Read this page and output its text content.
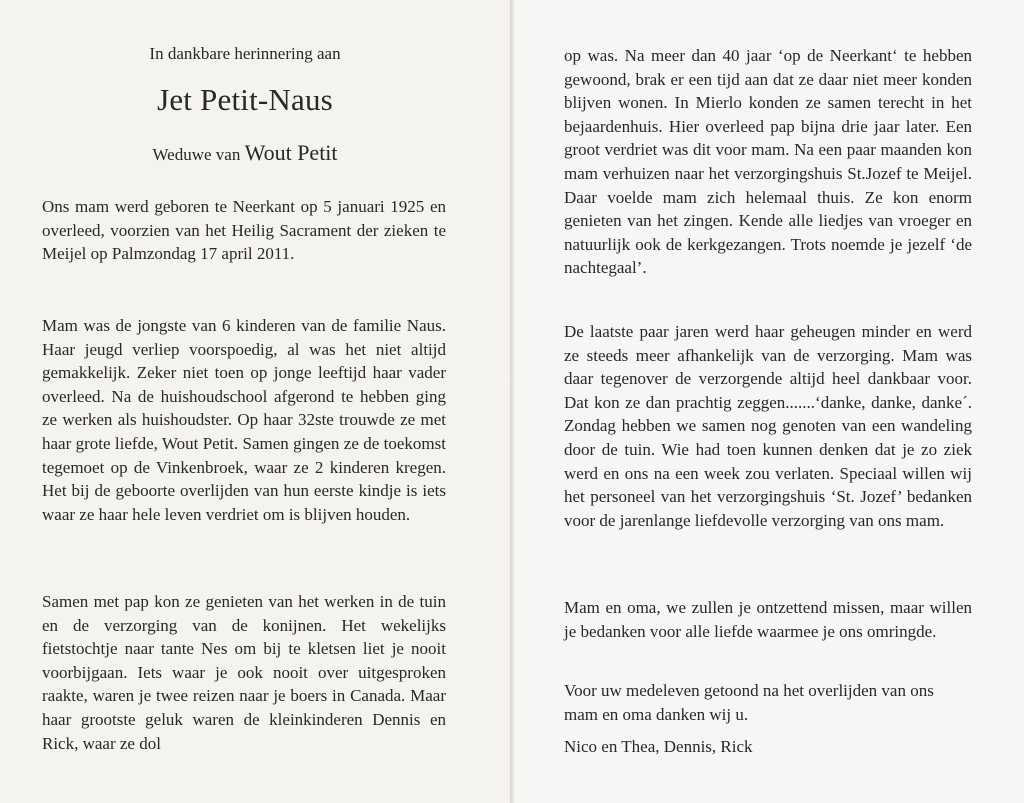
In dankbare herinnering aan
Jet Petit-Naus
Weduwe van Wout Petit

Ons mam werd geboren te Neerkant op 5 januari 1925 en overleed, voorzien van het Heilig Sacrament der zieken te Meijel op Palmzondag 17 april 2011.

Mam was de jongste van 6 kinderen van de familie Naus. Haar jeugd verliep voorspoedig, al was het niet altijd gemakkelijk. Zeker niet toen op jonge leeftijd haar vader overleed. Na de huishoudschool afgerond te hebben ging ze werken als huishoudster. Op haar 32ste trouwde ze met haar grote liefde, Wout Petit. Samen gingen ze de toekomst tegemoet op de Vinkenbroek, waar ze 2 kinderen kregen. Het bij de geboorte overlijden van hun eerste kindje is iets waar ze haar hele leven verdriet om is blijven houden.

Samen met pap kon ze genieten van het werken in de tuin en de verzorging van de konijnen. Het wekelijks fietstochtje naar tante Nes om bij te kletsen liet je nooit voorbijgaan. Iets waar je ook nooit over uitgesproken raakte, waren je twee reizen naar je boers in Canada. Maar haar grootste geluk waren de kleinkinderen Dennis en Rick, waar ze dol

op was. Na meer dan 40 jaar ‘op de Neerkant‘ te hebben gewoond, brak er een tijd aan dat ze daar niet meer konden blijven wonen. In Mierlo konden ze samen terecht in het bejaardenhuis. Hier overleed pap bijna drie jaar later. Een groot verdriet was dit voor mam. Na een paar maanden kon mam verhuizen naar het verzorgingshuis St.Jozef te Meijel. Daar voelde mam zich helemaal thuis. Ze kon enorm genieten van het zingen. Kende alle liedjes van vroeger en natuurlijk ook de kerkgezangen. Trots noemde je jezelf ‘de nachtegaal’.

De laatste paar jaren werd haar geheugen minder en werd ze steeds meer afhankelijk van de verzorging. Mam was daar tegenover de verzorgende altijd heel dankbaar voor. Dat kon ze dan prachtig zeggen.......‘danke, danke, danke´. Zondag hebben we samen nog genoten van een wandeling door de tuin. Wie had toen kunnen denken dat je zo ziek werd en ons na een week zou verlaten. Speciaal willen wij het personeel van het verzorgingshuis ‘St. Jozef’ bedanken voor de jarenlange liefdevolle verzorging van ons mam.

Mam en oma, we zullen je ontzettend missen, maar willen je bedanken voor alle liefde waarmee je ons omringde.

Voor uw medeleven getoond na het overlijden van ons mam en oma danken wij u.

Nico en Thea, Dennis, Rick
